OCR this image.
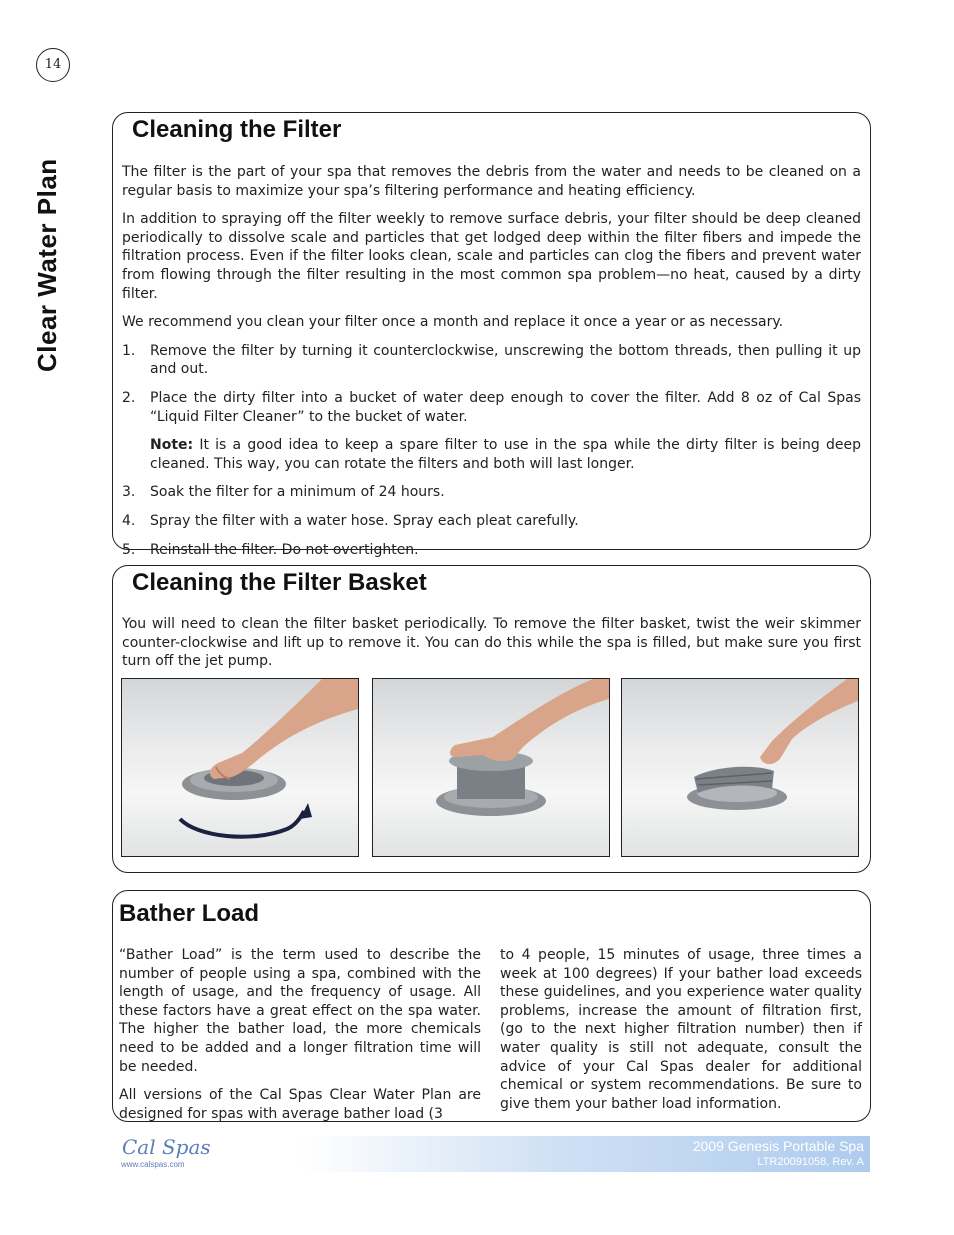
14
Clear Water Plan
Cleaning the Filter

The filter is the part of your spa that removes the debris from the water and needs to be cleaned on a regular basis to maximize your spa’s filtering performance and heating efficiency.

In addition to spraying off the filter weekly to remove surface debris, your filter should be deep cleaned periodically to dissolve scale and particles that get lodged deep within the filter fibers and impede the filtration process. Even if the filter looks clean, scale and particles can clog the fibers and prevent water from flowing through the filter resulting in the most common spa problem—no heat, caused by a dirty filter.

We recommend you clean your filter once a month and replace it once a year or as necessary.

1. Remove the filter by turning it counterclockwise, unscrewing the bottom threads, then pulling it up and out.
2. Place the dirty filter into a bucket of water deep enough to cover the filter. Add 8 oz of Cal Spas “Liquid Filter Cleaner” to the bucket of water.

Note: It is a good idea to keep a spare filter to use in the spa while the dirty filter is being deep cleaned. This way, you can rotate the filters and both will last longer.

3. Soak the filter for a minimum of 24 hours.
4. Spray the filter with a water hose. Spray each pleat carefully.
5. Reinstall the filter. Do not overtighten.
Cleaning the Filter Basket

You will need to clean the filter basket periodically. To remove the filter basket, twist the weir skimmer counter-clockwise and lift up to remove it. You can do this while the spa is filled, but make sure you first turn off the jet pump.

Bather Load

“Bather Load” is the term used to describe the number of people using a spa, combined with the length of usage, and the frequency of usage. All these factors have a great effect on the spa water. The higher the bather load, the more chemicals need to be added and a longer filtration time will be needed.

All versions of the Cal Spas Clear Water Plan are designed for spas with average bather load (3

to 4 people, 15 minutes of usage, three times a week at 100 degrees) If your bather load exceeds these guidelines, and you experience water quality problems, increase the amount of filtration first, (go to the next higher filtration number) then if water quality is still not adequate, consult the advice of your Cal Spas dealer for additional chemical or system recommendations. Be sure to give them your bather load information.

Cal Spas
www.calspas.com
2009 Genesis Portable Spa
LTR20091058, Rev. A
